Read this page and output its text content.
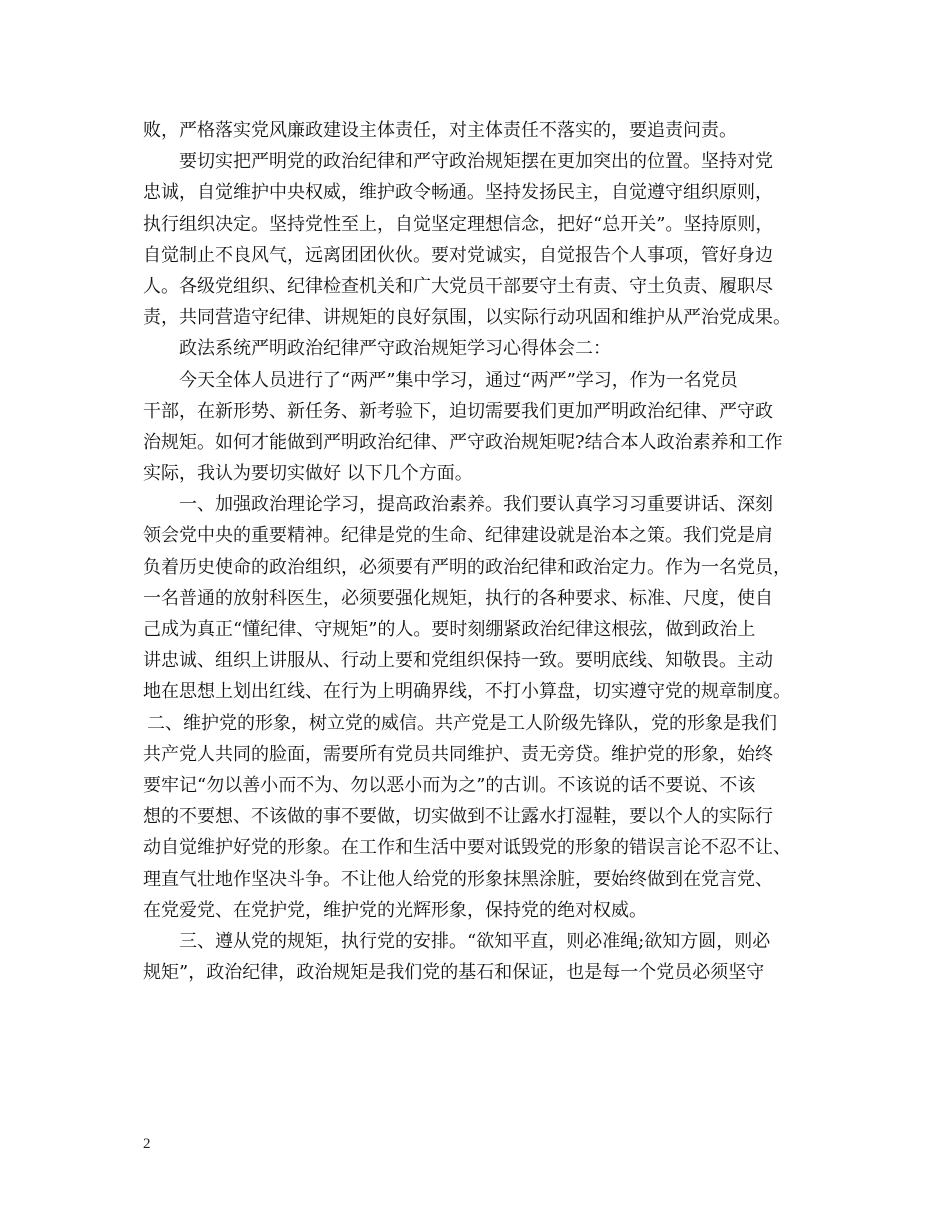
败，严格落实党风廉政建设主体责任，对主体责任不落实的，要追责问责。
要切实把严明党的政治纪律和严守政治规矩摆在更加突出的位置。坚持对党
忠诚，自觉维护中央权威，维护政令畅通。坚持发扬民主，自觉遵守组织原则，
执行组织决定。坚持党性至上，自觉坚定理想信念，把好“总开关”。坚持原则，
自觉制止不良风气，远离团团伙伙。要对党诚实，自觉报告个人事项，管好身边
人。各级党组织、纪律检查机关和广大党员干部要守土有责、守土负责、履职尽
责，共同营造守纪律、讲规矩的良好氛围，以实际行动巩固和维护从严治党成果。
政法系统严明政治纪律严守政治规矩学习心得体会二：
今天全体人员进行了“两严”集中学习，通过“两严”学习，作为一名党员
干部，在新形势、新任务、新考验下，迫切需要我们更加严明政治纪律、严守政
治规矩。如何才能做到严明政治纪律、严守政治规矩呢?结合本人政治素养和工作
实际，我认为要切实做好 以下几个方面。
一、加强政治理论学习，提高政治素养。我们要认真学习习重要讲话、深刻
领会党中央的重要精神。纪律是党的生命、纪律建设就是治本之策。我们党是肩
负着历史使命的政治组织，必须要有严明的政治纪律和政治定力。作为一名党员，
一名普通的放射科医生，必须要强化规矩，执行的各种要求、标准、尺度，使自
己成为真正“懂纪律、守规矩”的人。要时刻绷紧政治纪律这根弦，做到政治上
讲忠诚、组织上讲服从、行动上要和党组织保持一致。要明底线、知敬畏。主动
地在思想上划出红线、在行为上明确界线，不打小算盘，切实遵守党的规章制度。
二、维护党的形象，树立党的威信。共产党是工人阶级先锋队，党的形象是我们
共产党人共同的脸面，需要所有党员共同维护、责无旁贷。维护党的形象，始终
要牢记“勿以善小而不为、勿以恶小而为之”的古训。不该说的话不要说、不该
想的不要想、不该做的事不要做，切实做到不让露水打湿鞋，要以个人的实际行
动自觉维护好党的形象。在工作和生活中要对诋毁党的形象的错误言论不忍不让、
理直气壮地作坚决斗争。不让他人给党的形象抹黑涂脏，要始终做到在党言党、
在党爱党、在党护党，维护党的光辉形象，保持党的绝对权威。
三、遵从党的规矩，执行党的安排。“欲知平直，则必准绳;欲知方圆，则必
规矩”，政治纪律，政治规矩是我们党的基石和保证，也是每一个党员必须坚守
2
